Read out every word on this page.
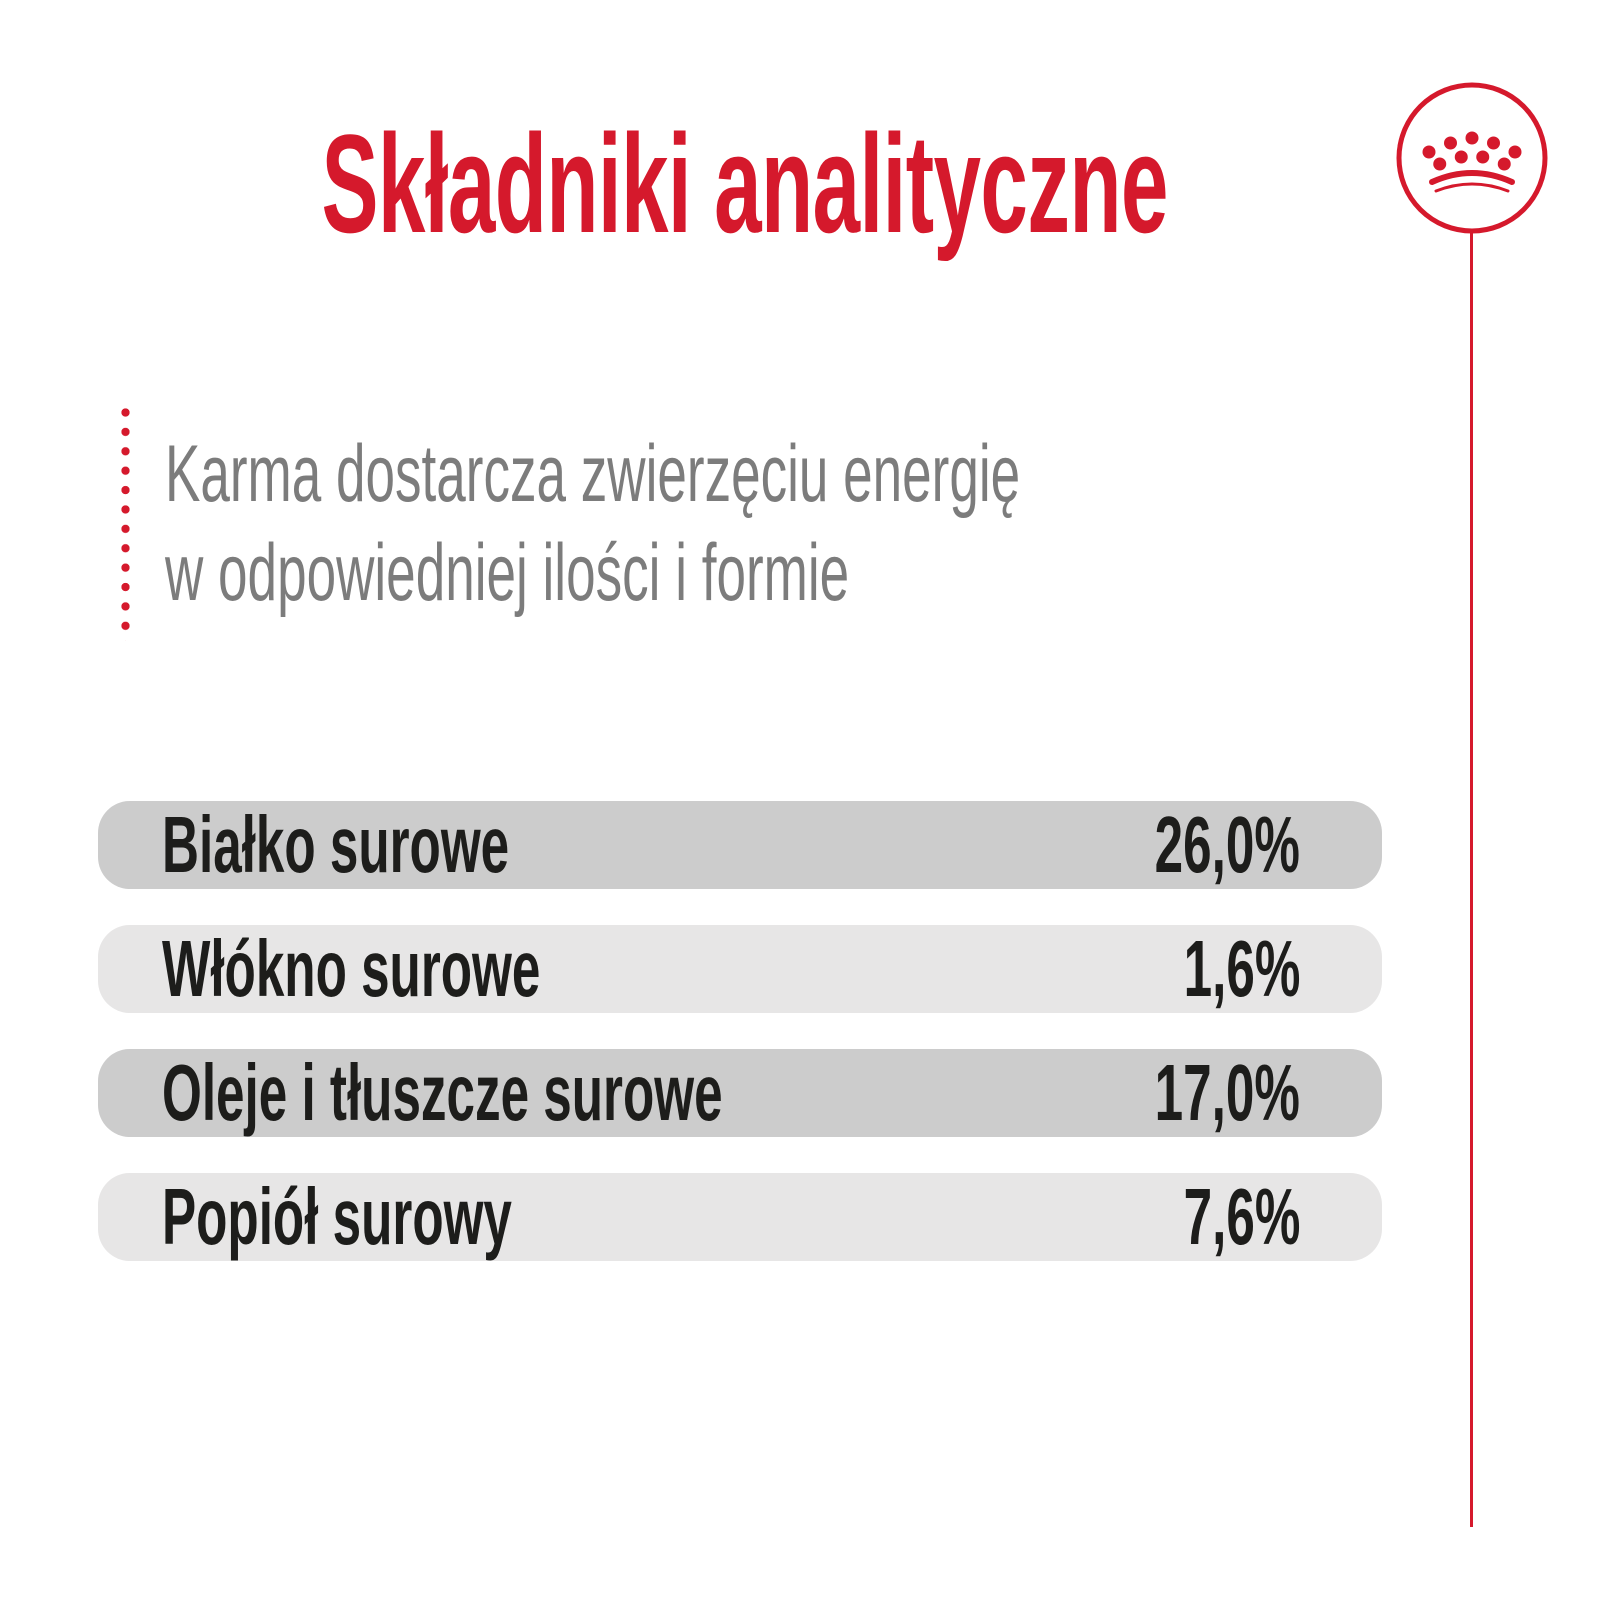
Składniki analityczne
Karma dostarcza zwierzęciu energię
w odpowiedniej ilości i formie
Białko surowe	26,0%
Włókno surowe	1,6%
Oleje i tłuszcze surowe	17,0%
Popiół surowy	7,6%
